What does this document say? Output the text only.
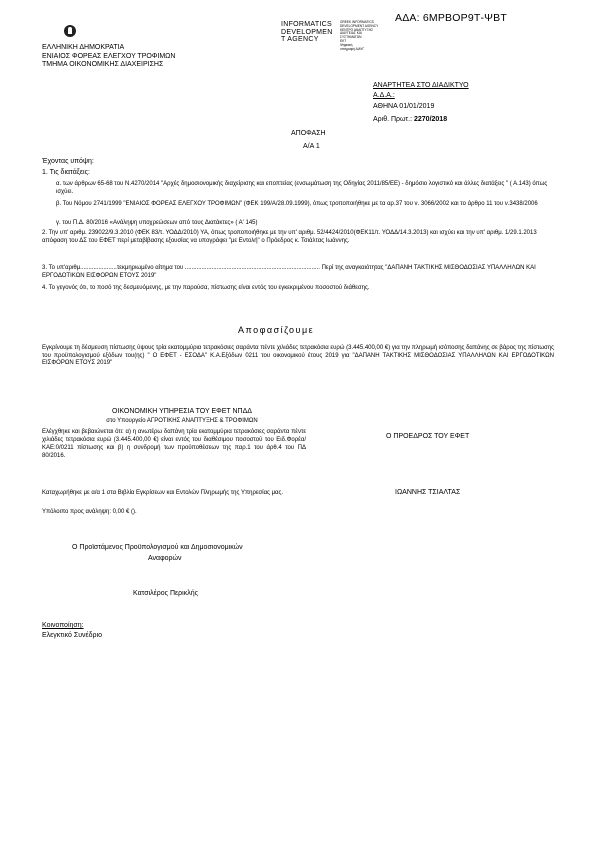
ΑΔΑ: 6ΜΡΒΟΡ9Τ-ΨΒΤ
INFORMATICS
DEVELOPMEN
T AGENCY
GREEK INFORMATICS
DEVELOPMENT AGENCY
ΚΕΝΤΡΟ ΑΝΑΠΤΥΞΗΣ
ΔΙΑΥΓΕΙΑΣ ΚΑΙ
ΣΥΣΤΗΜΑΤΩΝ
ΕΚΤ
Ψηφιακή
υπογραφή ΔΙΑΥΓ
ΕΛΛΗΝΙΚΗ ΔΗΜΟΚΡΑΤΙΑ
ΕΝΙΑΙΟΣ ΦΟΡΕΑΣ ΕΛΕΓΧΟΥ ΤΡΟΦΙΜΩΝ
ΤΜΗΜΑ ΟΙΚΟΝΟΜΙΚΗΣ ΔΙΑΧΕΙΡΙΣΗΣ
ΑΝΑΡΤΗΤΕΑ ΣΤΟ ΔΙΑΔΙΚΤΥΟ
Α.Δ.Α.:
ΑΘΗΝΑ 01/01/2019
Αριθ. Πρωτ.: 2270/2018
ΑΠΟΦΑΣΗ
Α/Α 1
Έχοντας υπόψη:
1. Τις διατάξεις:
α. των άρθρων 65-68 του Ν.4270/2014 "Αρχές δημοσιονομικής διαχείρισης και εποπτείας (ενσωμάτωση της Οδηγίας 2011/85/ΕΕ) - δημόσιο λογιστικό και άλλες διατάξεις " ( Α.143) όπως ισχύει.
β. Του Νόμου 2741/1999 "ΕΝΙΑΙΟΣ ΦΟΡΕΑΣ ΕΛΕΓΧΟΥ ΤΡΟΦΙΜΩΝ" (ΦΕΚ 199/Α/28.09.1999), όπως τροποποιήθηκε με τα αρ.37 του ν. 3066/2002 και το άρθρο 11 του ν.3438/2006
γ. του Π.Δ. 80/2016 «Ανάληψη υποχρεώσεων από τους Διατάκτες» ( Α' 145)
2. Την υπ' αριθμ. 239022/9.3.2010 (ΦΕΚ 83/τ. ΥΟΔΔ/2010) ΥΑ, όπως τροποποιήθηκε με την υπ' αριθμ. 52/4424/2010(ΦΕΚ11/τ. ΥΟΔΔ/14.3.2013) και ισχύει και την υπ' αριθμ. 1/29.1.2013 απόφαση του ΔΣ του ΕΦΕΤ περί μεταβίβασης εξουσίας να υπογράφει "με Εντολή" ο Πρόεδρος κ. Τσιάλτας Ιωάννης.
3. Το υπ'αριθμ......................τεκμηριωμένο αίτημα του ................................................................................. Περί της αναγκαιότητας "ΔΑΠΑΝΗ ΤΑΚΤΙΚΗΣ ΜΙΣΘΟΔΟΣΙΑΣ ΥΠΑΛΛΗΛΩΝ ΚΑΙ ΕΡΓΟΔΟΤΙΚΩΝ ΕΙΣΦΟΡΩΝ ΕΤΟΥΣ 2019"
4. Το γεγονός ότι, το ποσό της δεσμευόμενης, με την παρούσα, πίστωσης είναι εντός του εγκεκριμένου ποσοστού διάθεσης.
Αποφασίζουμε
Εγκρίνουμε τη δέσμευση πίστωσης ύψους τρία εκατομμύρια τετρακόσιες σαράντα πέντε χιλιάδες τετρακόσια ευρώ (3.445.400,00 €) για την πληρωμή ισόποσης δαπάνης σε βάρος της πίστωσης του προϋπολογισμού εξόδων του(ης) " Ο ΕΦΕΤ - ΕΣΟΔΑ" Κ.Α.Εξόδων 0211 του οικονομικού έτους 2019 για "ΔΑΠΑΝΗ ΤΑΚΤΙΚΗΣ ΜΙΣΘΟΔΟΣΙΑΣ ΥΠΑΛΛΗΛΩΝ ΚΑΙ ΕΡΓΟΔΟΤΙΚΩΝ ΕΙΣΦΟΡΩΝ ΕΤΟΥΣ 2019"
ΟΙΚΟΝΟΜΙΚΗ ΥΠΗΡΕΣΙΑ ΤΟΥ ΕΦΕΤ ΝΠΔΔ
στο Υπουργείο ΑΓΡΟΤΙΚΗΣ ΑΝΑΠΤΥΞΗΣ & ΤΡΟΦΙΜΩΝ
Ελέγχθηκε και βεβαιώνεται ότι: α) η ανωτέρω δαπάνη τρία εκατομμύρια τετρακόσιες σαράντα πέντε χιλιάδες τετρακόσια ευρώ (3.445.400,00 €) είναι εντός του διαθέσιμου ποσοστού του Ειδ.Φορέα/ΚΑΕ:0/0211 πίστωσης και β) η συνδρομή των προϋποθέσεων της παρ.1 του άρθ.4 του ΠΔ 80/2016.
Καταχωρήθηκε με α/α 1 στα Βιβλία Εγκρίσεων και Εντολών Πληρωμής της Υπηρεσίας μας.
Υπόλοιπο προς ανάληψη: 0,00 € ().
Ο ΠΡΟΕΔΡΟΣ ΤΟΥ ΕΦΕΤ
ΙΩΑΝΝΗΣ ΤΣΙΑΛΤΑΣ
Ο Προϊστάμενος Προϋπολογισμού και Δημοσιονομικών
Αναφορών
Κατσιλέρος Περικλής
Κοινοποίηση:
Ελεγκτικό Συνέδριο
